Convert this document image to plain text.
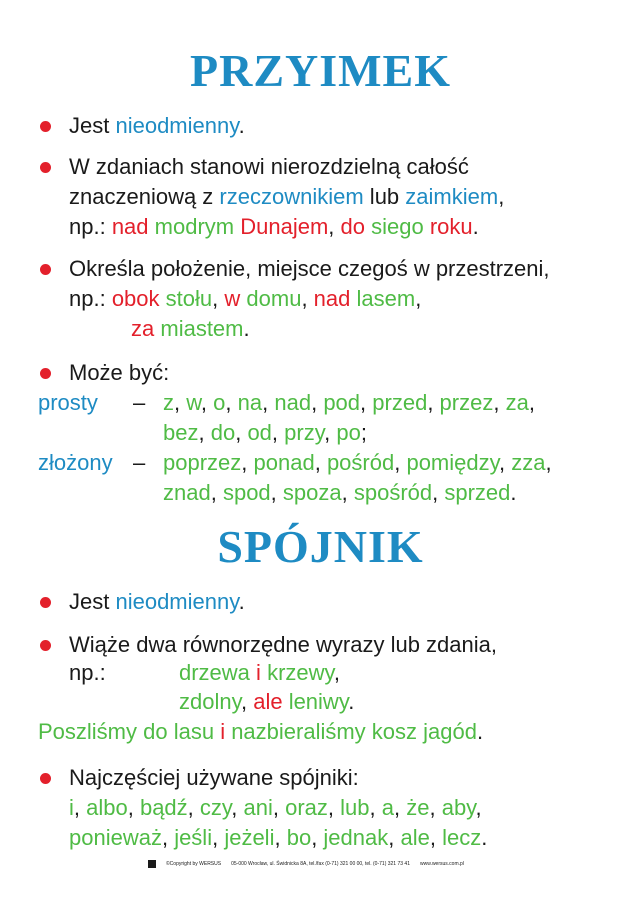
PRZYIMEK
Jest nieodmienny.
W zdaniach stanowi nierozdzielną całość
znaczeniową z rzeczownikiem lub zaimkiem,
np.: nad modrym Dunajem, do siego roku.
Określa położenie, miejsce czegoś w przestrzeni,
np.: obok stołu, w domu, nad lasem,
za miastem.
Może być:
prosty – z, w, o, na, nad, pod, przed, przez, za,
bez, do, od, przy, po;
złożony – poprzez, ponad, pośród, pomiędzy, zza,
znad, spod, spoza, spośród, sprzed.
SPÓJNIK
Jest nieodmienny.
Wiąże dwa równorzędne wyrazy lub zdania,
np.:	drzewa i krzewy,
zdolny, ale leniwy.
Poszliśmy do lasu i nazbieraliśmy kosz jagód.
Najczęściej używane spójniki:
i, albo, bądź, czy, ani, oraz, lub, a, że, aby,
ponieważ, jeśli, jeżeli, bo, jednak, ale, lecz.
©Copyright by WERSUS 05-000 Wrocław, ul. Świdnicka 8A, tel./fax (0-71) 321 00 00, tel. (0-71) 321 73 41 www.wersus.com.pl
